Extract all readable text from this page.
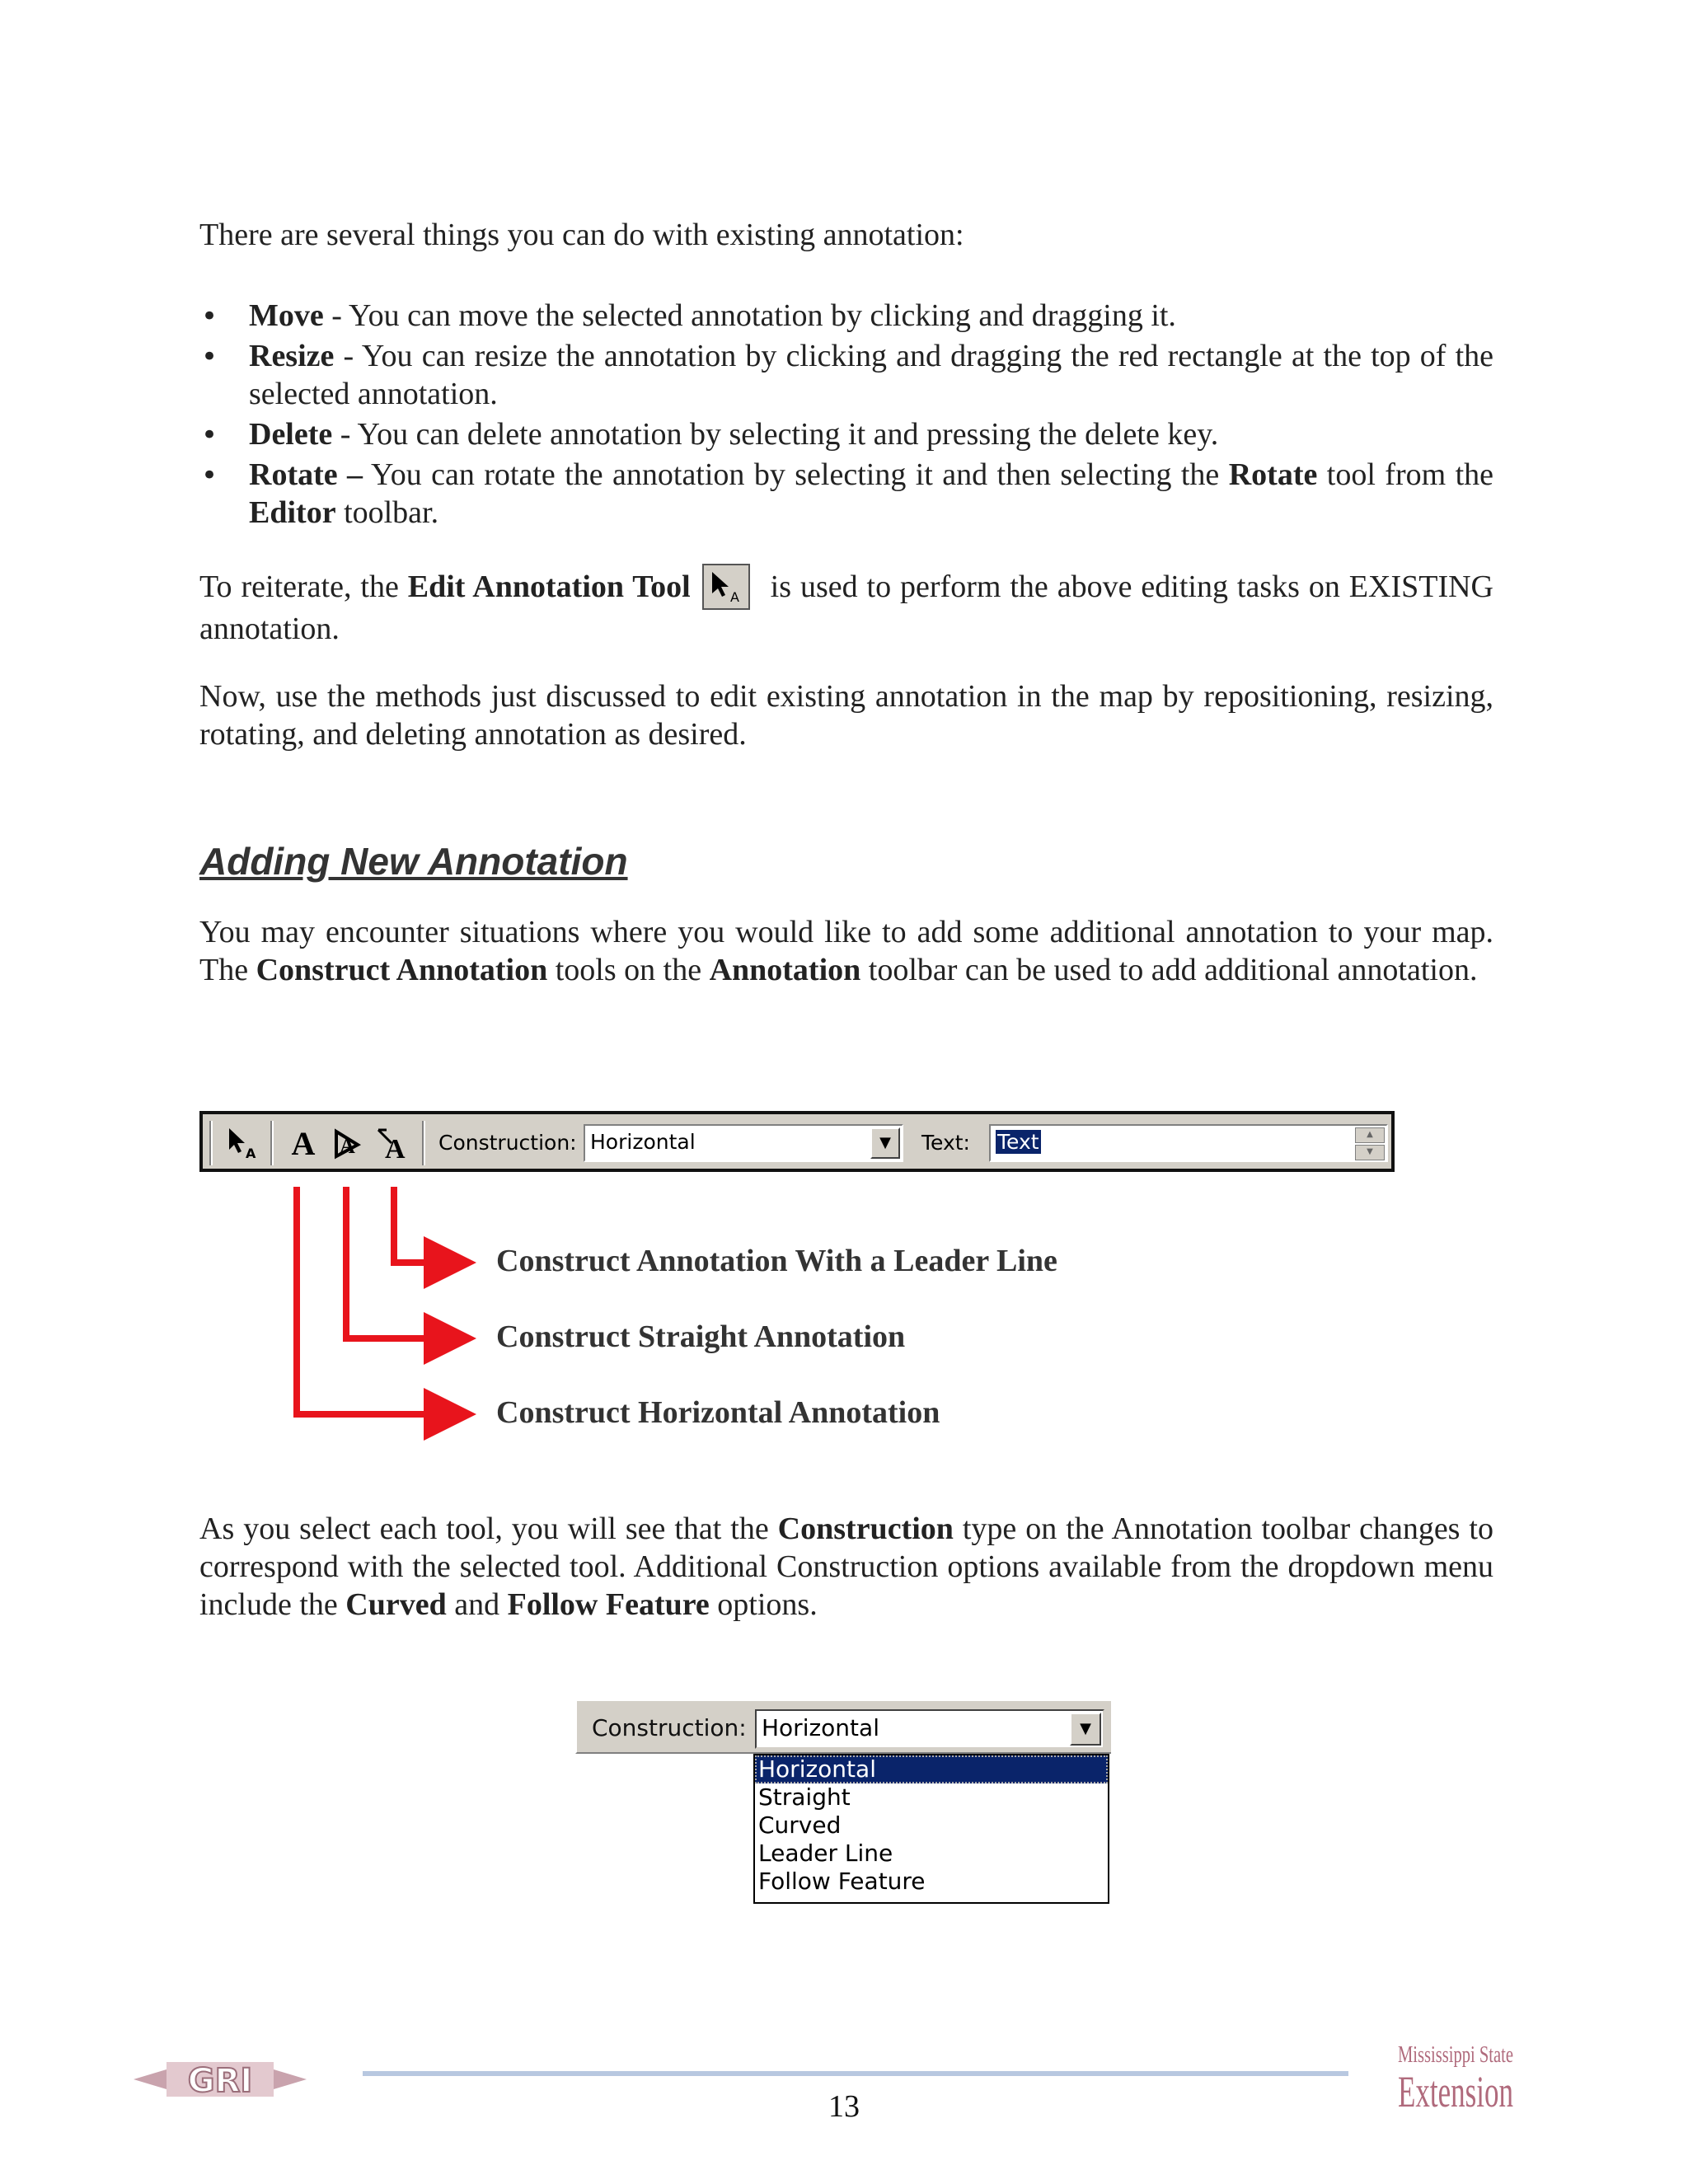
There are several things you can do with existing annotation:

•
Move - You can move the selected annotation by clicking and dragging it.
•
Resize - You can resize the annotation by clicking and dragging the red rectangle at the top of the selected annotation.
•
Delete - You can delete annotation by selecting it and pressing the delete key.
•
Rotate – You can rotate the annotation by selecting it and then selecting the Rotate tool from the Editor toolbar.

To reiterate, the Edit Annotation Tool	A is used to perform the above editing tasks on EXISTING annotation.

Now, use the methods just discussed to edit existing annotation in the map by repositioning, resizing, rotating, and deleting annotation as desired.

Adding New Annotation

You may encounter situations where you would like to add some additional annotation to your map. The Construct Annotation tools on the Annotation toolbar can be used to add additional annotation.

A A	A A Construction: Horizontal	▼	Text:	Text	▲
▼

Construct Annotation With a Leader Line

Construct Straight Annotation

Construct Horizontal Annotation

As you select each tool, you will see that the Construction type on the Annotation toolbar changes to correspond with the selected tool. Additional Construction options available from the dropdown menu include the Curved and Follow Feature options.

Construction: Horizontal	▼
Horizontal
Straight
Curved
Leader Line
Follow Feature
GRI
13
Mississippi State
Extension
